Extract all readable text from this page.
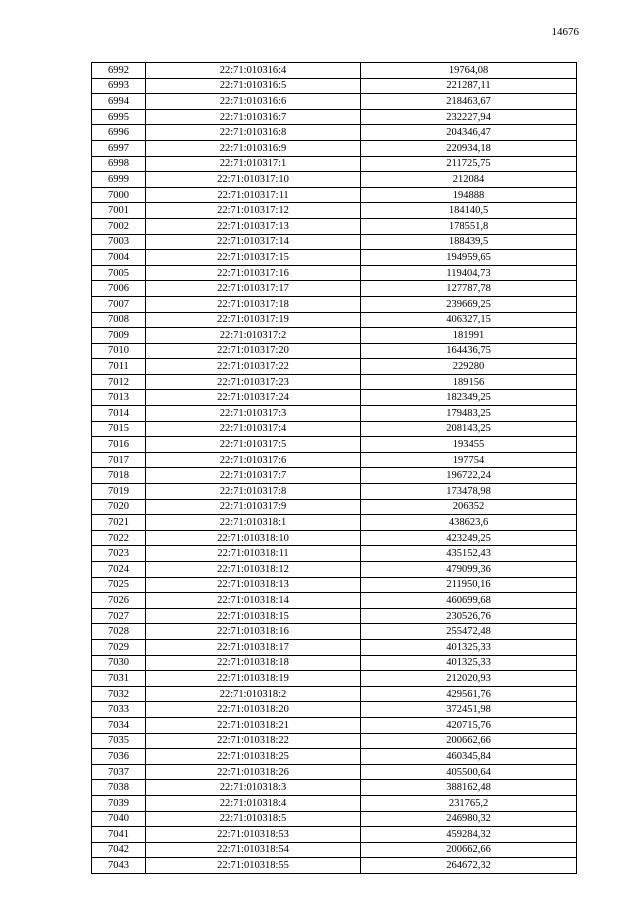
14676
6992	22:71:010316:4	19764,08
6993	22:71:010316:5	221287,11
6994	22:71:010316:6	218463,67
6995	22:71:010316:7	232227,94
6996	22:71:010316:8	204346,47
6997	22:71:010316:9	220934,18
6998	22:71:010317:1	211725,75
6999	22:71:010317:10	212084
7000	22:71:010317:11	194888
7001	22:71:010317:12	184140,5
7002	22:71:010317:13	178551,8
7003	22:71:010317:14	188439,5
7004	22:71:010317:15	194959,65
7005	22:71:010317:16	119404,73
7006	22:71:010317:17	127787,78
7007	22:71:010317:18	239669,25
7008	22:71:010317:19	406327,15
7009	22:71:010317:2	181991
7010	22:71:010317:20	164436,75
7011	22:71:010317:22	229280
7012	22:71:010317:23	189156
7013	22:71:010317:24	182349,25
7014	22:71:010317:3	179483,25
7015	22:71:010317:4	208143,25
7016	22:71:010317:5	193455
7017	22:71:010317:6	197754
7018	22:71:010317:7	196722,24
7019	22:71:010317:8	173478,98
7020	22:71:010317:9	206352
7021	22:71:010318:1	438623,6
7022	22:71:010318:10	423249,25
7023	22:71:010318:11	435152,43
7024	22:71:010318:12	479099,36
7025	22:71:010318:13	211950,16
7026	22:71:010318:14	460699,68
7027	22:71:010318:15	230526,76
7028	22:71:010318:16	255472,48
7029	22:71:010318:17	401325,33
7030	22:71:010318:18	401325,33
7031	22:71:010318:19	212020,93
7032	22:71:010318:2	429561,76
7033	22:71:010318:20	372451,98
7034	22:71:010318:21	420715,76
7035	22:71:010318:22	200662,66
7036	22:71:010318:25	460345,84
7037	22:71:010318:26	405500,64
7038	22:71:010318:3	388162,48
7039	22:71:010318:4	231765,2
7040	22:71:010318:5	246980,32
7041	22:71:010318:53	459284,32
7042	22:71:010318:54	200662,66
7043	22:71:010318:55	264672,32
